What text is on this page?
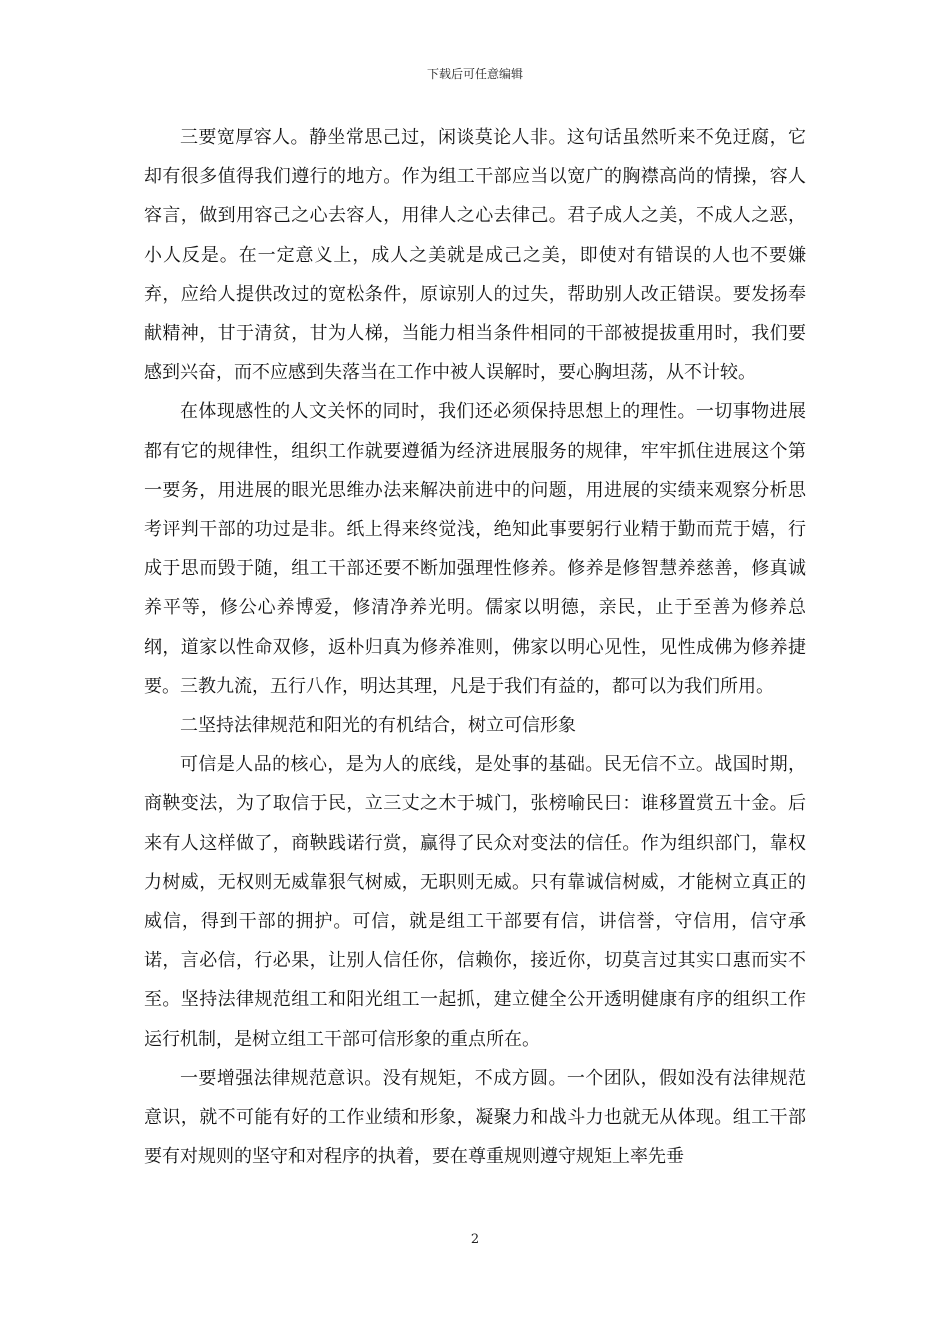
下载后可任意编辑

三要宽厚容人。静坐常思己过，闲谈莫论人非。这句话虽然听来不免迂腐，它却有很多值得我们遵行的地方。作为组工干部应当以宽广的胸襟高尚的情操，容人容言，做到用容己之心去容人，用律人之心去律己。君子成人之美，不成人之恶，小人反是。在一定意义上，成人之美就是成己之美，即使对有错误的人也不要嫌弃，应给人提供改过的宽松条件，原谅别人的过失，帮助别人改正错误。要发扬奉献精神，甘于清贫，甘为人梯，当能力相当条件相同的干部被提拔重用时，我们要感到兴奋，而不应感到失落当在工作中被人误解时，要心胸坦荡，从不计较。

在体现感性的人文关怀的同时，我们还必须保持思想上的理性。一切事物进展都有它的规律性，组织工作就要遵循为经济进展服务的规律，牢牢抓住进展这个第一要务，用进展的眼光思维办法来解决前进中的问题，用进展的实绩来观察分析思考评判干部的功过是非。纸上得来终觉浅，绝知此事要躬行业精于勤而荒于嬉，行成于思而毁于随，组工干部还要不断加强理性修养。修养是修智慧养慈善，修真诚养平等，修公心养博爱，修清净养光明。儒家以明德，亲民，止于至善为修养总纲，道家以性命双修，返朴归真为修养准则，佛家以明心见性，见性成佛为修养捷要。三教九流，五行八作，明达其理，凡是于我们有益的，都可以为我们所用。

二坚持法律规范和阳光的有机结合，树立可信形象

可信是人品的核心，是为人的底线，是处事的基础。民无信不立。战国时期，商鞅变法，为了取信于民，立三丈之木于城门，张榜喻民曰：谁移置赏五十金。后来有人这样做了，商鞅践诺行赏，赢得了民众对变法的信任。作为组织部门，靠权力树威，无权则无威靠狠气树威，无职则无威。只有靠诚信树威，才能树立真正的威信，得到干部的拥护。可信，就是组工干部要有信，讲信誉，守信用，信守承诺，言必信，行必果，让别人信任你，信赖你，接近你，切莫言过其实口惠而实不至。坚持法律规范组工和阳光组工一起抓，建立健全公开透明健康有序的组织工作运行机制，是树立组工干部可信形象的重点所在。

一要增强法律规范意识。没有规矩，不成方圆。一个团队，假如没有法律规范意识，就不可能有好的工作业绩和形象，凝聚力和战斗力也就无从体现。组工干部要有对规则的坚守和对程序的执着，要在尊重规则遵守规矩上率先垂

2
